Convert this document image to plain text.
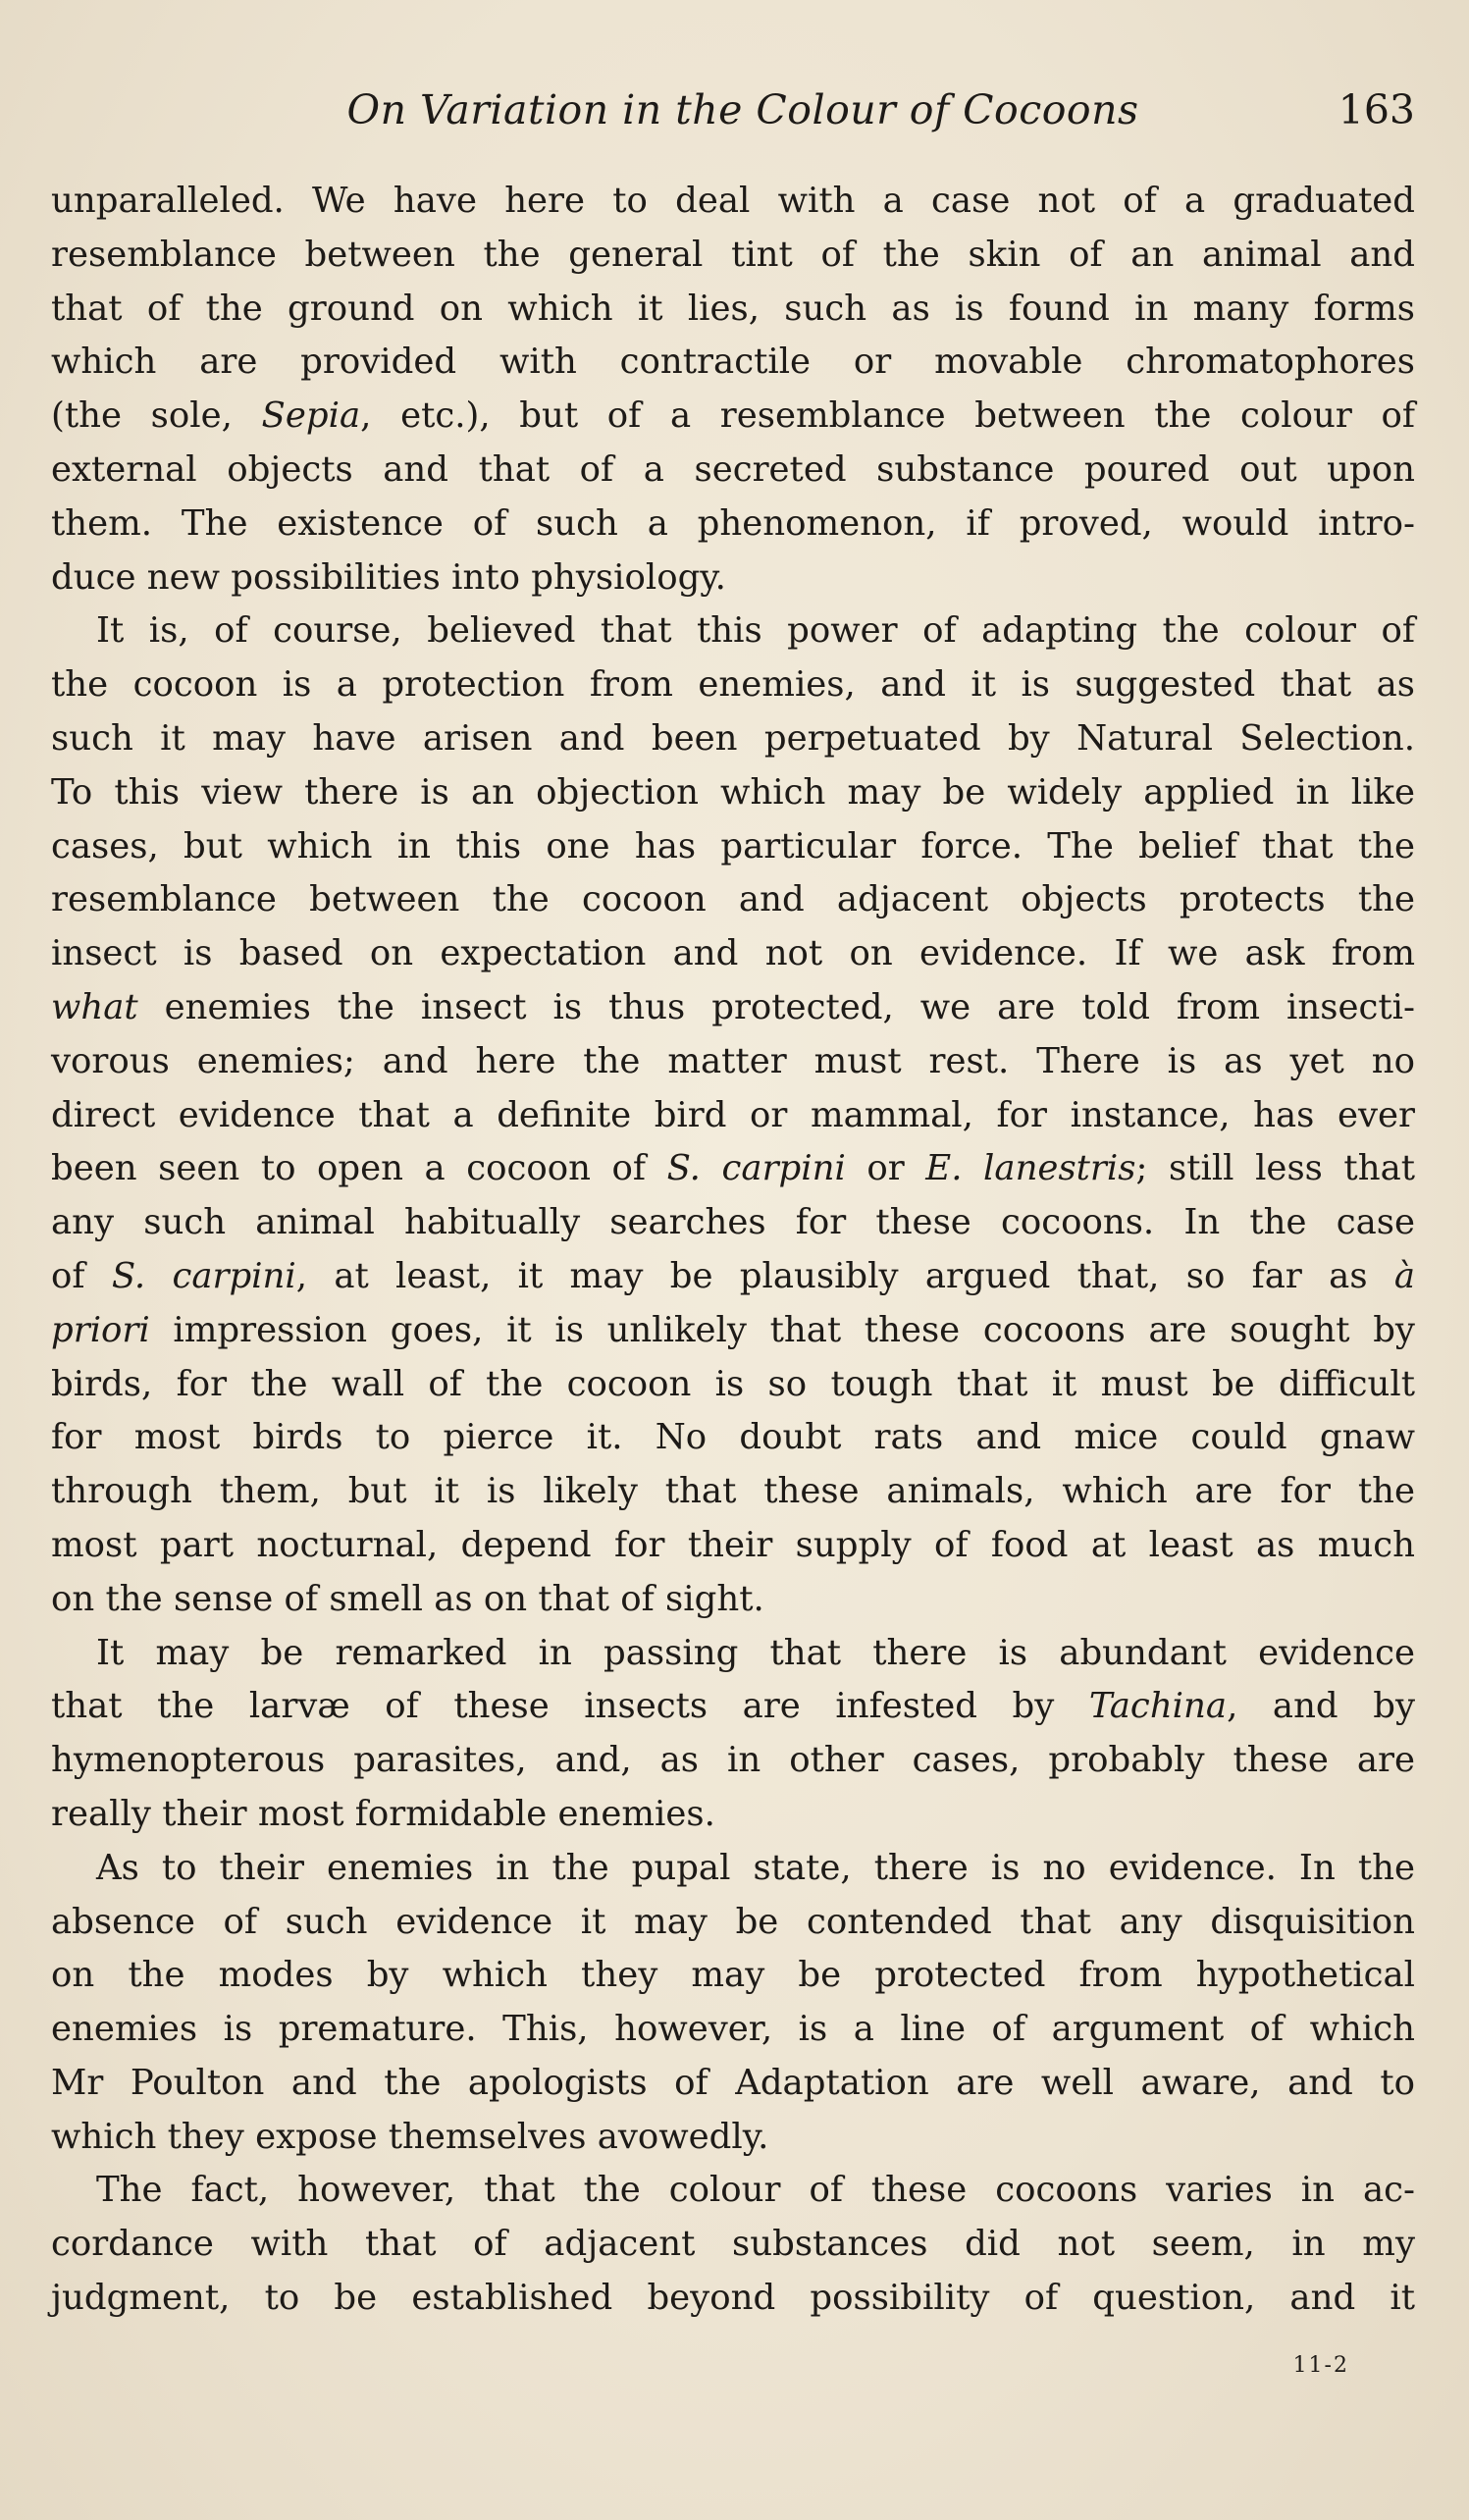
On Variation in the Colour of Cocoons	163
unparalleled. We have here to deal with a case not of a graduated
resemblance between the general tint of the skin of an animal and
that of the ground on which it lies, such as is found in many forms
which are provided with contractile or movable chromatophores
(the sole, Sepia, etc.), but of a resemblance between the colour of
external objects and that of a secreted substance poured out upon
them. The existence of such a phenomenon, if proved, would intro-
duce new possibilities into physiology.
It is, of course, believed that this power of adapting the colour of
the cocoon is a protection from enemies, and it is suggested that as
such it may have arisen and been perpetuated by Natural Selection.
To this view there is an objection which may be widely applied in like
cases, but which in this one has particular force. The belief that the
resemblance between the cocoon and adjacent objects protects the
insect is based on expectation and not on evidence. If we ask from
what enemies the insect is thus protected, we are told from insecti-
vorous enemies; and here the matter must rest. There is as yet no
direct evidence that a definite bird or mammal, for instance, has ever
been seen to open a cocoon of S. carpini or E. lanestris; still less that
any such animal habitually searches for these cocoons. In the case
of S. carpini, at least, it may be plausibly argued that, so far as à
priori impression goes, it is unlikely that these cocoons are sought by
birds, for the wall of the cocoon is so tough that it must be difficult
for most birds to pierce it. No doubt rats and mice could gnaw
through them, but it is likely that these animals, which are for the
most part nocturnal, depend for their supply of food at least as much
on the sense of smell as on that of sight.
It may be remarked in passing that there is abundant evidence
that the larvæ of these insects are infested by Tachina, and by
hymenopterous parasites, and, as in other cases, probably these are
really their most formidable enemies.
As to their enemies in the pupal state, there is no evidence. In the
absence of such evidence it may be contended that any disquisition
on the modes by which they may be protected from hypothetical
enemies is premature. This, however, is a line of argument of which
Mr Poulton and the apologists of Adaptation are well aware, and to
which they expose themselves avowedly.
The fact, however, that the colour of these cocoons varies in ac-
cordance with that of adjacent substances did not seem, in my
judgment, to be established beyond possibility of question, and it
11-2
